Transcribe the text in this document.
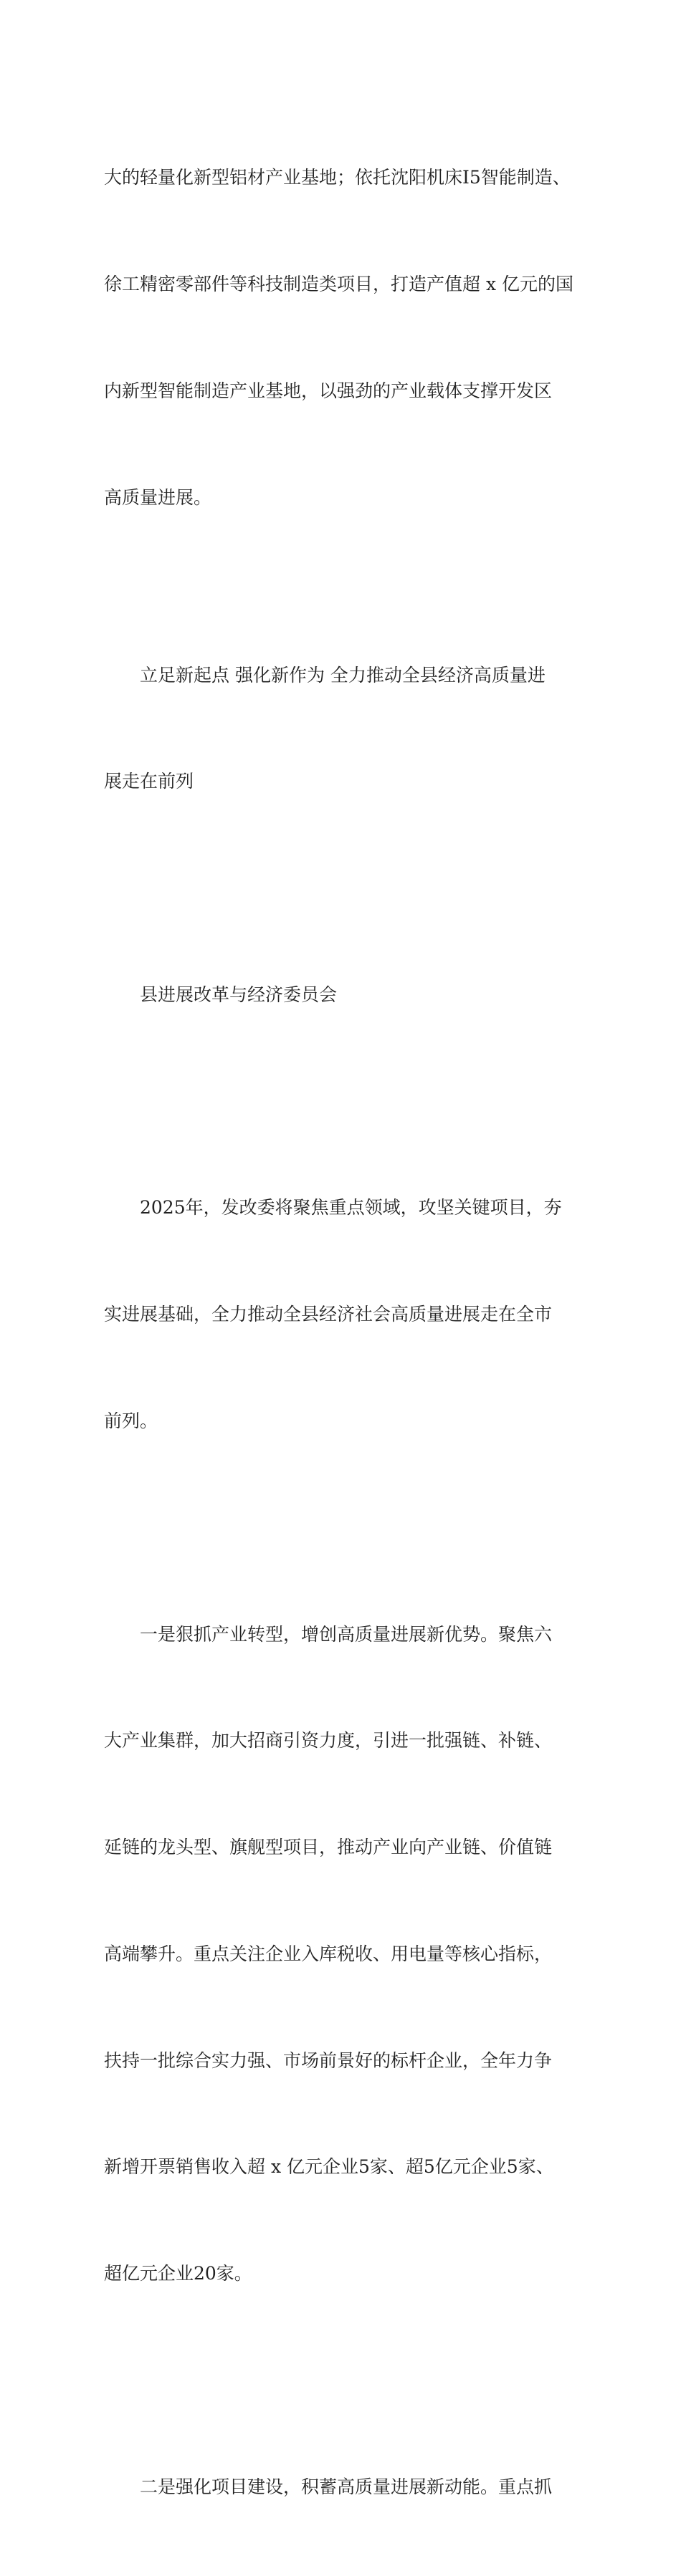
大的轻量化新型铝材产业基地；依托沈阳机床I5智能制造、

徐工精密零部件等科技制造类项目，打造产值超 x 亿元的国

内新型智能制造产业基地，以强劲的产业载体支撑开发区

高质量进展。

立足新起点 强化新作为 全力推动全县经济高质量进

展走在前列

县进展改革与经济委员会

2025年，发改委将聚焦重点领域，攻坚关键项目，夯

实进展基础，全力推动全县经济社会高质量进展走在全市

前列。

一是狠抓产业转型，增创高质量进展新优势。聚焦六

大产业集群，加大招商引资力度，引进一批强链、补链、

延链的龙头型、旗舰型项目，推动产业向产业链、价值链

高端攀升。重点关注企业入库税收、用电量等核心指标，

扶持一批综合实力强、市场前景好的标杆企业，全年力争

新增开票销售收入超 x 亿元企业5家、超5亿元企业5家、

超亿元企业20家。

二是强化项目建设，积蓄高质量进展新动能。重点抓
